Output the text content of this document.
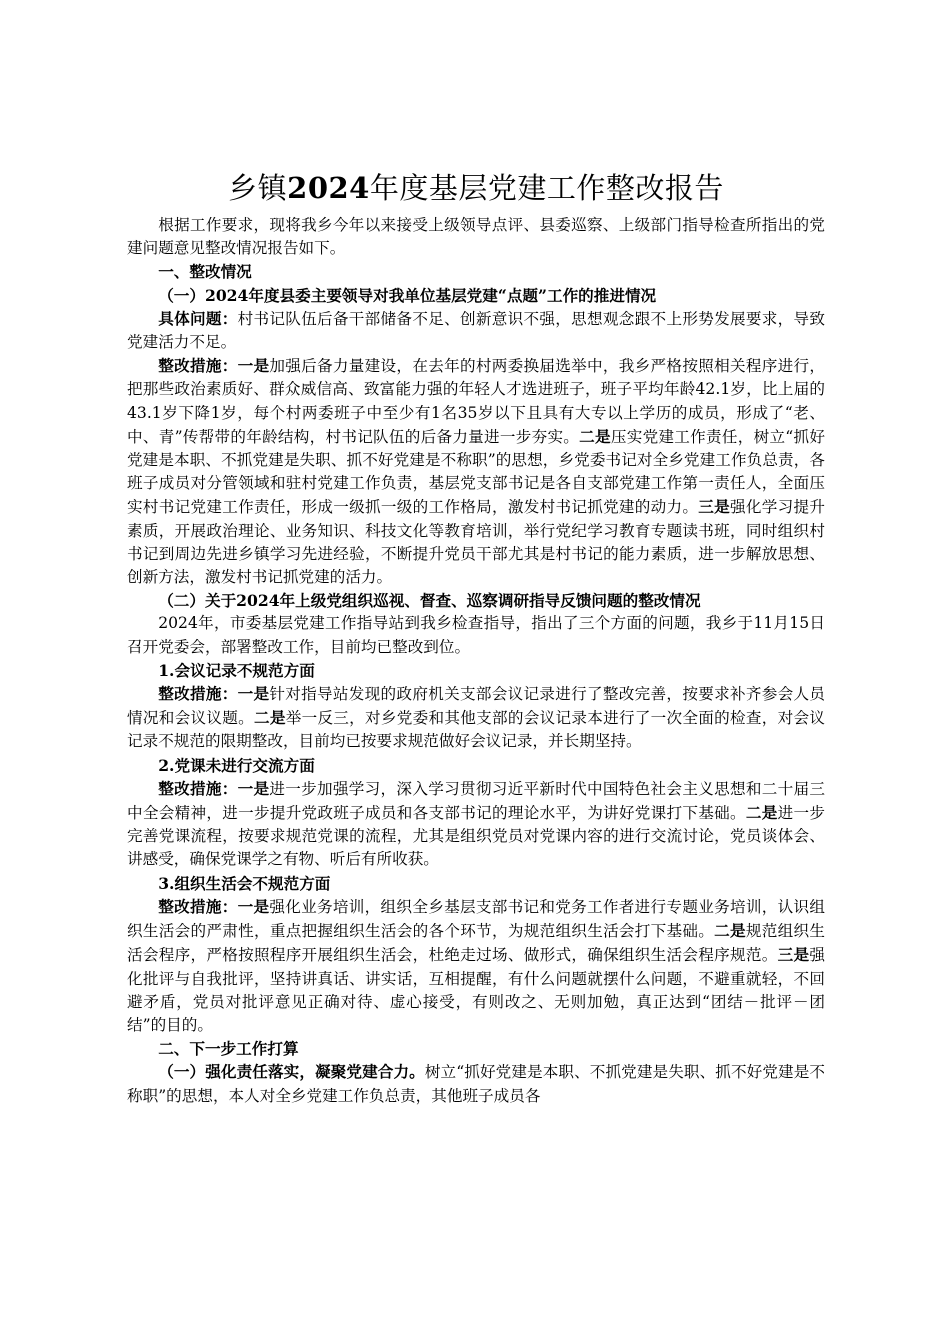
乡镇2024年度基层党建工作整改报告

根据工作要求，现将我乡今年以来接受上级领导点评、县委巡察、上级部门指导检查所指出的党建问题意见整改情况报告如下。

一、整改情况

（一）2024年度县委主要领导对我单位基层党建“点题”工作的推进情况

具体问题：村书记队伍后备干部储备不足、创新意识不强，思想观念跟不上形势发展要求，导致党建活力不足。

整改措施：一是加强后备力量建设，在去年的村两委换届选举中，我乡严格按照相关程序进行，把那些政治素质好、群众威信高、致富能力强的年轻人才选进班子，班子平均年龄42.1岁，比上届的43.1岁下降1岁，每个村两委班子中至少有1名35岁以下且具有大专以上学历的成员，形成了“老、中、青”传帮带的年龄结构，村书记队伍的后备力量进一步夯实。二是压实党建工作责任，树立“抓好党建是本职、不抓党建是失职、抓不好党建是不称职”的思想，乡党委书记对全乡党建工作负总责，各班子成员对分管领域和驻村党建工作负责，基层党支部书记是各自支部党建工作第一责任人，全面压实村书记党建工作责任，形成一级抓一级的工作格局，激发村书记抓党建的动力。三是强化学习提升素质，开展政治理论、业务知识、科技文化等教育培训，举行党纪学习教育专题读书班，同时组织村书记到周边先进乡镇学习先进经验，不断提升党员干部尤其是村书记的能力素质，进一步解放思想、创新方法，激发村书记抓党建的活力。

（二）关于2024年上级党组织巡视、督查、巡察调研指导反馈问题的整改情况

2024年，市委基层党建工作指导站到我乡检查指导，指出了三个方面的问题，我乡于11月15日召开党委会，部署整改工作，目前均已整改到位。

1.会议记录不规范方面

整改措施：一是针对指导站发现的政府机关支部会议记录进行了整改完善，按要求补齐参会人员情况和会议议题。二是举一反三，对乡党委和其他支部的会议记录本进行了一次全面的检查，对会议记录不规范的限期整改，目前均已按要求规范做好会议记录，并长期坚持。

2.党课未进行交流方面

整改措施：一是进一步加强学习，深入学习贯彻习近平新时代中国特色社会主义思想和二十届三中全会精神，进一步提升党政班子成员和各支部书记的理论水平，为讲好党课打下基础。二是进一步完善党课流程，按要求规范党课的流程，尤其是组织党员对党课内容的进行交流讨论，党员谈体会、讲感受，确保党课学之有物、听后有所收获。

3.组织生活会不规范方面

整改措施：一是强化业务培训，组织全乡基层支部书记和党务工作者进行专题业务培训，认识组织生活会的严肃性，重点把握组织生活会的各个环节，为规范组织生活会打下基础。二是规范组织生活会程序，严格按照程序开展组织生活会，杜绝走过场、做形式，确保组织生活会程序规范。三是强化批评与自我批评，坚持讲真话、讲实话，互相提醒，有什么问题就摆什么问题，不避重就轻，不回避矛盾，党员对批评意见正确对待、虚心接受，有则改之、无则加勉，真正达到“团结－批评－团结”的目的。

二、下一步工作打算

（一）强化责任落实，凝聚党建合力。树立“抓好党建是本职、不抓党建是失职、抓不好党建是不称职”的思想，本人对全乡党建工作负总责，其他班子成员各
